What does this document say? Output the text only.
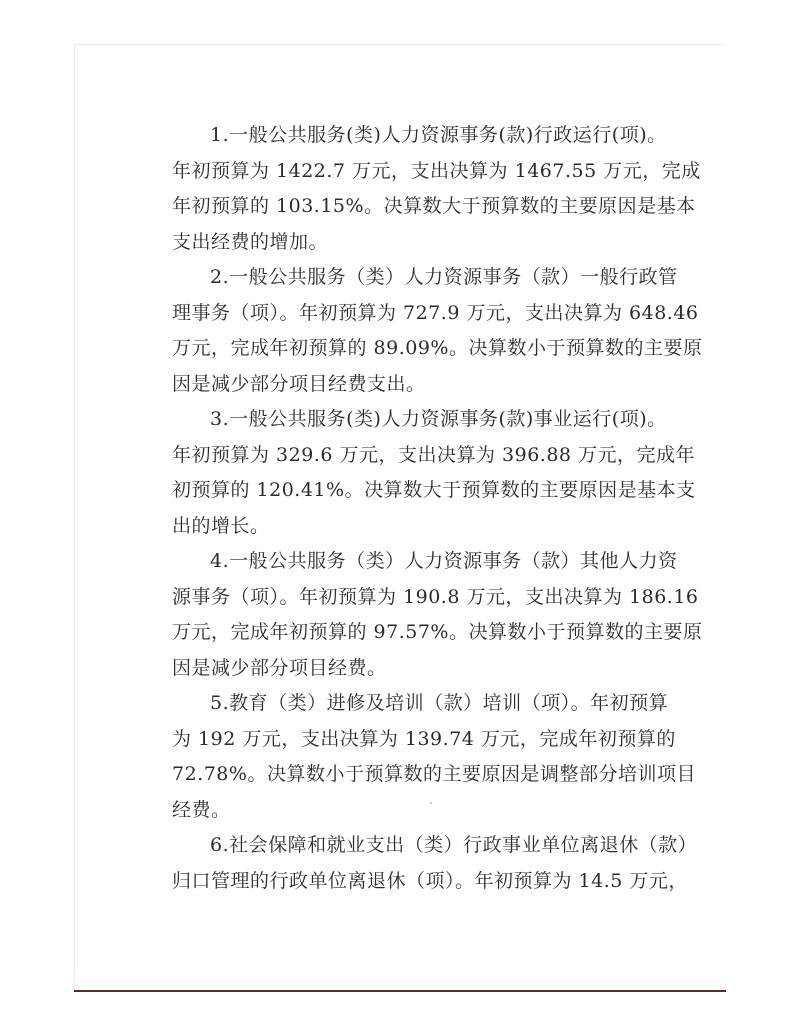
1.一般公共服务(类)人力资源事务(款)行政运行(项)。
年初预算为 1422.7 万元，支出决算为 1467.55 万元，完成
年初预算的 103.15%。决算数大于预算数的主要原因是基本
支出经费的增加。
2.一般公共服务（类）人力资源事务（款）一般行政管
理事务（项）。年初预算为 727.9 万元，支出决算为 648.46
万元，完成年初预算的 89.09%。决算数小于预算数的主要原
因是减少部分项目经费支出。
3.一般公共服务(类)人力资源事务(款)事业运行(项)。
年初预算为 329.6 万元，支出决算为 396.88 万元，完成年
初预算的 120.41%。决算数大于预算数的主要原因是基本支
出的增长。
4.一般公共服务（类）人力资源事务（款）其他人力资
源事务（项）。年初预算为 190.8 万元，支出决算为 186.16
万元，完成年初预算的 97.57%。决算数小于预算数的主要原
因是减少部分项目经费。
5.教育（类）进修及培训（款）培训（项）。年初预算
为 192 万元，支出决算为 139.74 万元，完成年初预算的
72.78%。决算数小于预算数的主要原因是调整部分培训项目
经费。
6.社会保障和就业支出（类）行政事业单位离退休（款）
归口管理的行政单位离退休（项）。年初预算为 14.5 万元，
